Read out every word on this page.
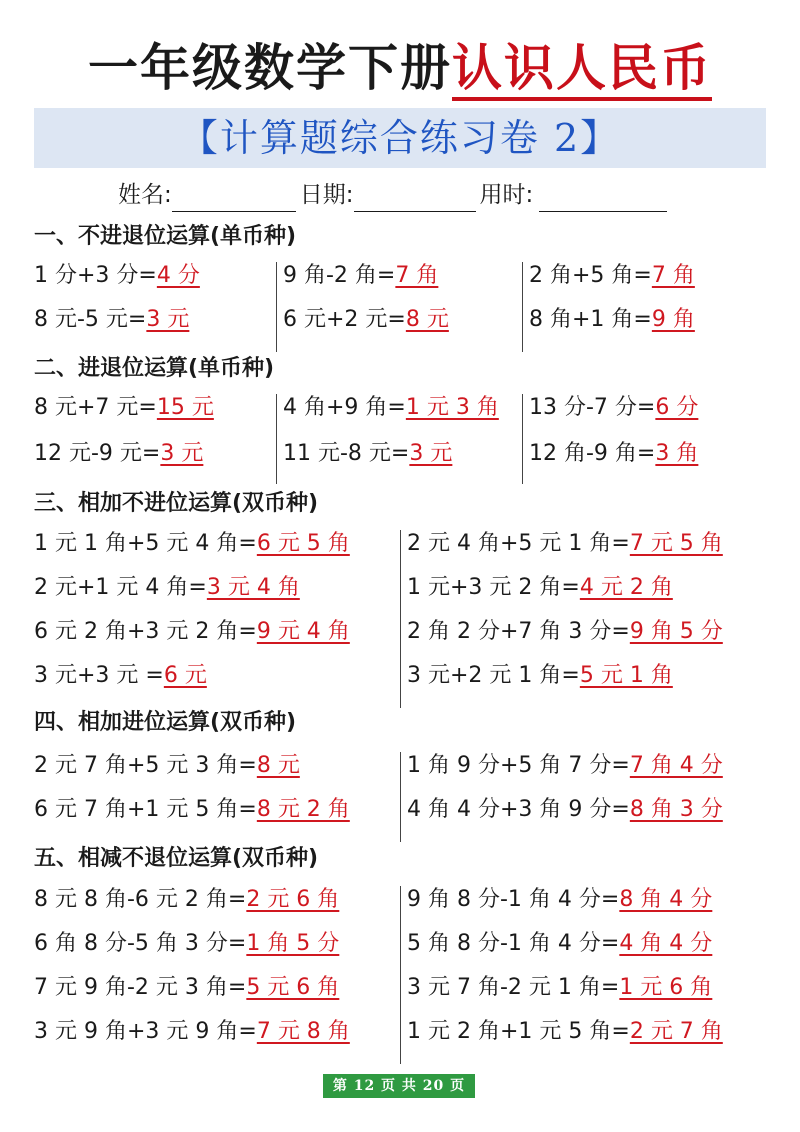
一年级数学下册认识人民币
【计算题综合练习卷 2】
姓名:	日期:	用时:
一、不进退位运算(单币种)
1 分+3 分=4 分
8 元-5 元=3 元
9 角-2 角=7 角
6 元+2 元=8 元
2 角+5 角=7 角
8 角+1 角=9 角
二、进退位运算(单币种)
8 元+7 元=15 元
12 元-9 元=3 元
4 角+9 角=1 元 3 角
11 元-8 元=3 元
13 分-7 分=6 分
12 角-9 角=3 角
三、相加不进位运算(双币种)
1 元 1 角+5 元 4 角=6 元 5 角
2 元+1 元 4 角=3 元 4 角
6 元 2 角+3 元 2 角=9 元 4 角
3 元+3 元 =6 元
2 元 4 角+5 元 1 角=7 元 5 角
1 元+3 元 2 角=4 元 2 角
2 角 2 分+7 角 3 分=9 角 5 分
3 元+2 元 1 角=5 元 1 角
四、相加进位运算(双币种)
2 元 7 角+5 元 3 角=8 元
6 元 7 角+1 元 5 角=8 元 2 角
1 角 9 分+5 角 7 分=7 角 4 分
4 角 4 分+3 角 9 分=8 角 3 分
五、相减不退位运算(双币种)
8 元 8 角-6 元 2 角=2 元 6 角
6 角 8 分-5 角 3 分=1 角 5 分
7 元 9 角-2 元 3 角=5 元 6 角
3 元 9 角+3 元 9 角=7 元 8 角
9 角 8 分-1 角 4 分=8 角 4 分
5 角 8 分-1 角 4 分=4 角 4 分
3 元 7 角-2 元 1 角=1 元 6 角
1 元 2 角+1 元 5 角=2 元 7 角
第 12 页 共 20 页
